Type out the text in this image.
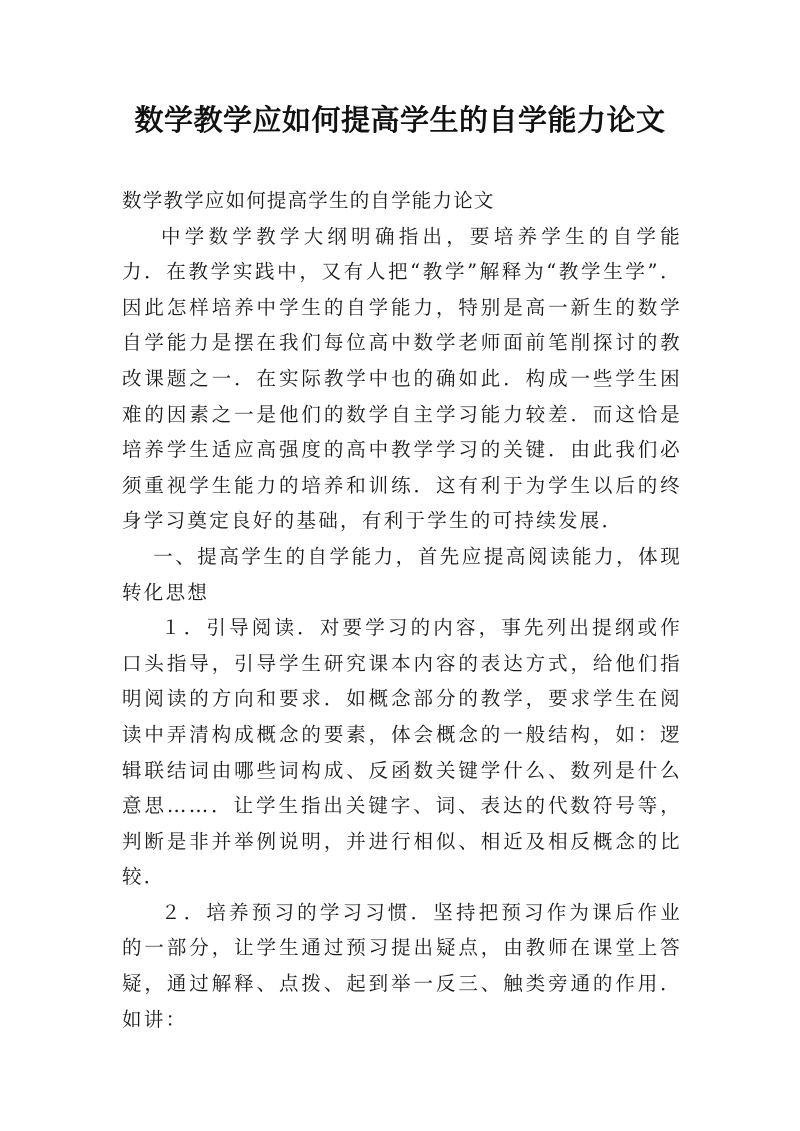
数学教学应如何提高学生的自学能力论文

数学教学应如何提高学生的自学能力论文

中学数学教学大纲明确指出，要培养学生的自学能力．在教学实践中，又有人把“教学”解释为“教学生学”．因此怎样培养中学生的自学能力，特别是高一新生的数学自学能力是摆在我们每位高中数学老师面前笔削探讨的教改课题之一．在实际教学中也的确如此．构成一些学生困难的因素之一是他们的数学自主学习能力较差．而这恰是培养学生适应高强度的高中教学学习的关键．由此我们必须重视学生能力的培养和训练．这有利于为学生以后的终身学习奠定良好的基础，有利于学生的可持续发展．

一、提高学生的自学能力，首先应提高阅读能力，体现转化思想

１．引导阅读．对要学习的内容，事先列出提纲或作口头指导，引导学生研究课本内容的表达方式，给他们指明阅读的方向和要求．如概念部分的教学，要求学生在阅读中弄清构成概念的要素，体会概念的一般结构，如：逻辑联结词由哪些词构成、反函数关键学什么、数列是什么意思……．让学生指出关键字、词、表达的代数符号等，判断是非并举例说明，并进行相似、相近及相反概念的比较．

２．培养预习的学习习惯．坚持把预习作为课后作业的一部分，让学生通过预习提出疑点，由教师在课堂上答疑，通过解释、点拨、起到举一反三、触类旁通的作用．如讲：
